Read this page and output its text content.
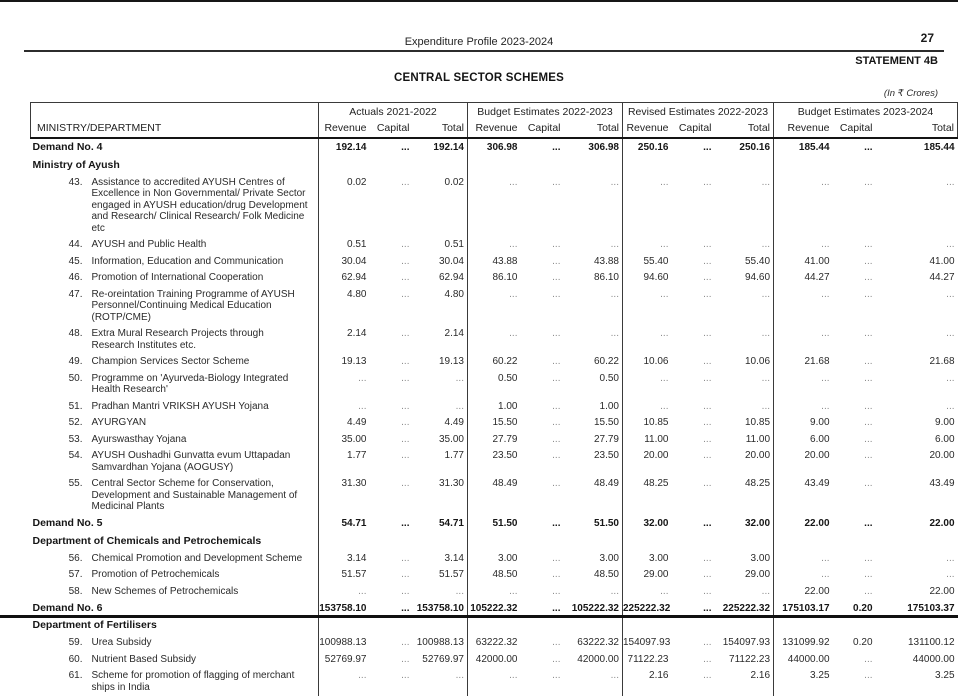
27
Expenditure Profile 2023-2024
STATEMENT 4B
CENTRAL SECTOR SCHEMES
(In ₹ Crores)
	Actuals 2021-2022			Budget Estimates 2022-2023			Revised Estimates 2022-2023			Budget Estimates 2023-2024		
MINISTRY/DEPARTMENT	Revenue	Capital	Total	Revenue	Capital	Total	Revenue	Capital	Total	Revenue	Capital	Total
Demand No. 4	192.14	...	192.14	306.98	...	306.98	250.16	...	250.16	185.44	...	185.44
Ministry of Ayush												

43. Assistance to accredited AYUSH Centres of Excellence in Non Governmental/ Private Sector engaged in AYUSH education/drug Development and Research/ Clinical Research/ Folk Medicine etc	0.02	...	0.02	...	...	...	...	...	...	...	...	...

44. AYUSH and Public Health	0.51	...	0.51	...	...	...	...	...	...	...	...	...

45. Information, Education and Communication	30.04	...	30.04	43.88	...	43.88	55.40	...	55.40	41.00	...	41.00

46. Promotion of International Cooperation	62.94	...	62.94	86.10	...	86.10	94.60	...	94.60	44.27	...	44.27

47. Re-oreintation Training Programme of AYUSH Personnel/Continuing Medical Education (ROTP/CME)	4.80	...	4.80	...	...	...	...	...	...	...	...	...

48. Extra Mural Research Projects through Research Institutes etc.	2.14	...	2.14	...	...	...	...	...	...	...	...	...

49. Champion Services Sector Scheme	19.13	...	19.13	60.22	...	60.22	10.06	...	10.06	21.68	...	21.68

50. Programme on 'Ayurveda-Biology Integrated Health Research'	...	...	...	0.50	...	0.50	...	...	...	...	...	...

51. Pradhan Mantri VRIKSH AYUSH Yojana	...	...	...	1.00	...	1.00	...	...	...	...	...	...

52. AYURGYAN	4.49	...	4.49	15.50	...	15.50	10.85	...	10.85	9.00	...	9.00

53. Ayurswasthay Yojana	35.00	...	35.00	27.79	...	27.79	11.00	...	11.00	6.00	...	6.00

54. AYUSH Oushadhi Gunvatta evum Uttapadan Samvardhan Yojana (AOGUSY)	1.77	...	1.77	23.50	...	23.50	20.00	...	20.00	20.00	...	20.00

55. Central Sector Scheme for Conservation, Development and Sustainable Management of Medicinal Plants	31.30	...	31.30	48.49	...	48.49	48.25	...	48.25	43.49	...	43.49
Demand No. 5	54.71	...	54.71	51.50	...	51.50	32.00	...	32.00	22.00	...	22.00
Department of Chemicals and Petrochemicals												

56. Chemical Promotion and Development Scheme	3.14	...	3.14	3.00	...	3.00	3.00	...	3.00	...	...	...

57. Promotion of Petrochemicals	51.57	...	51.57	48.50	...	48.50	29.00	...	29.00	...	...	...

58. New Schemes of Petrochemicals	...	...	...	...	...	...	...	...	...	22.00	...	22.00
Demand No. 6	153758.10	...	153758.10	105222.32	...	105222.32	225222.32	...	225222.32	175103.17	0.20	175103.37
Department of Fertilisers												

59. Urea Subsidy	100988.13	...	100988.13	63222.32	...	63222.32	154097.93	...	154097.93	131099.92	0.20	131100.12

60. Nutrient Based Subsidy	52769.97	...	52769.97	42000.00	...	42000.00	71122.23	...	71122.23	44000.00	...	44000.00

61. Scheme for promotion of flagging of merchant ships in India	...	...	...	...	...	...	2.16	...	2.16	3.25	...	3.25
